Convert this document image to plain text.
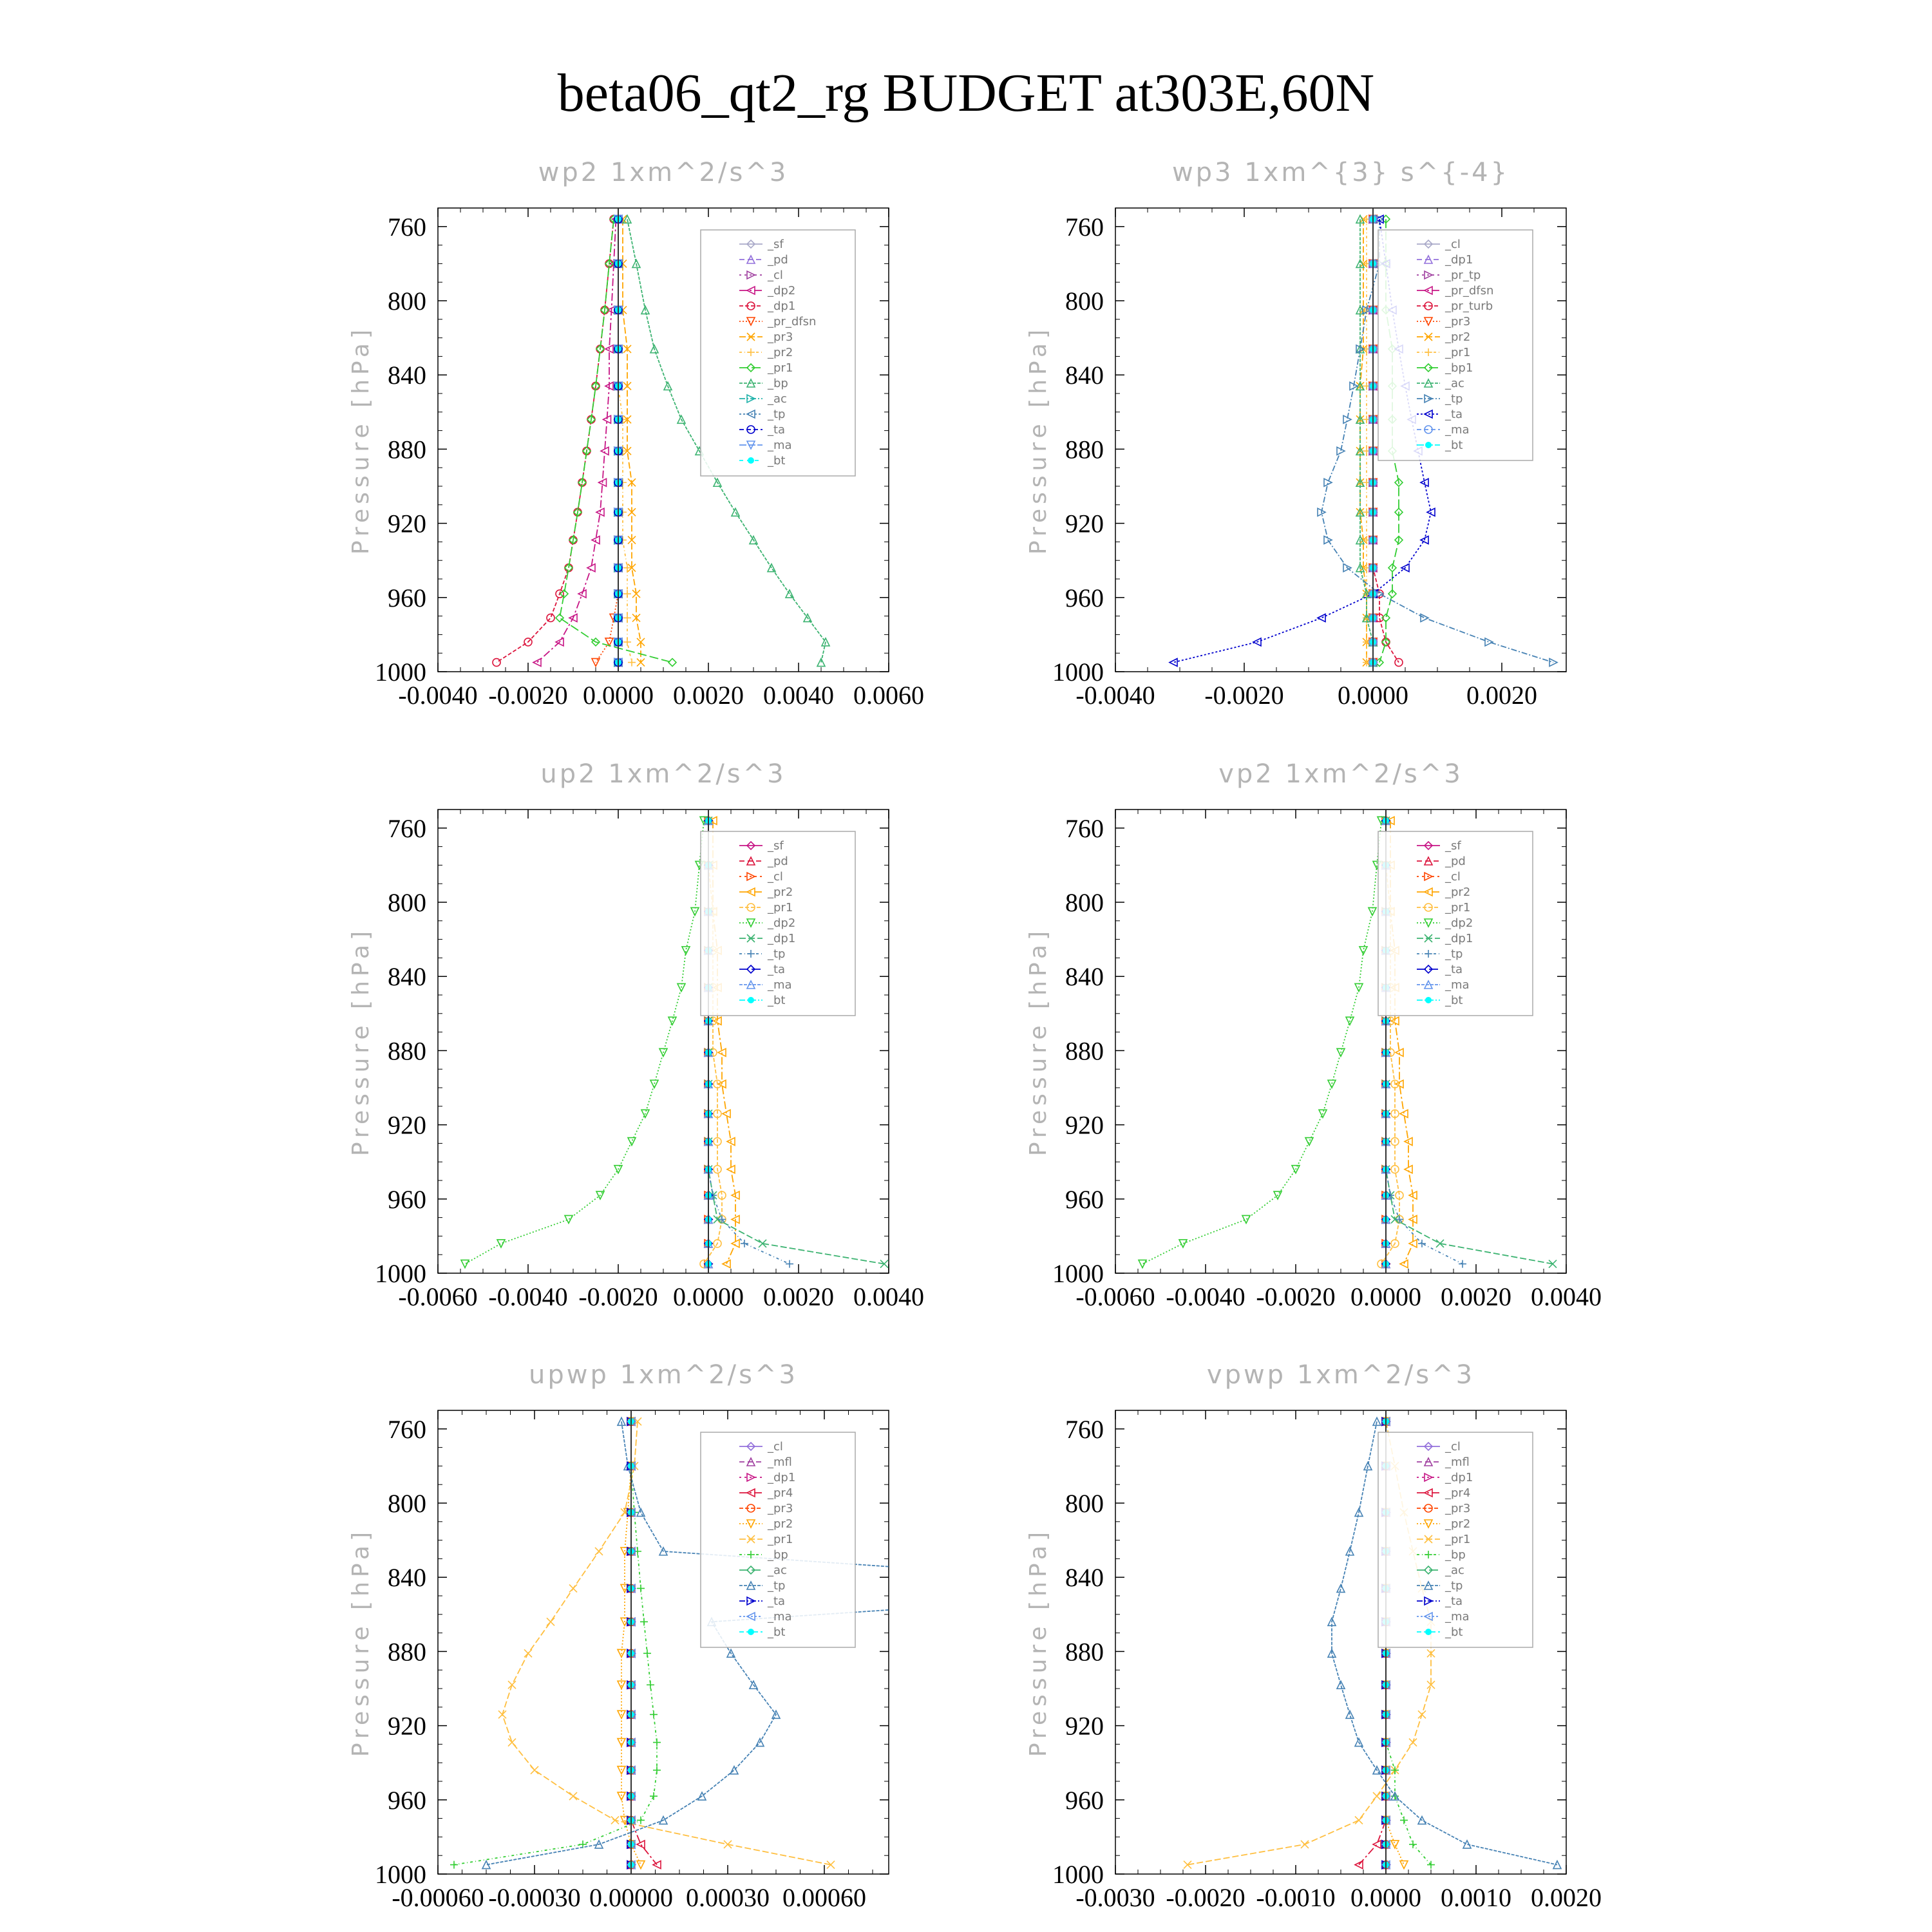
beta06_qt2_rg BUDGET at303E,60N
wp2 1xm^2/s^3
Pressure [hPa]
760
800
840
880
920
960
1000
-0.0040 -0.0020 0.0000 0.0020 0.0040 0.0060
_sf
_pd
_cl
_dp2
_dp1
_pr_dfsn
_pr3
_pr2
_pr1
_bp
_ac
_tp
_ta
_ma
_bt
wp3 1xm^{3} s^{-4}
Pressure [hPa]
760
800
840
880
920
960
1000
-0.0040 -0.0020 0.0000 0.0020
_cl
_dp1
_pr_tp
_pr_dfsn
_pr_turb
_pr3
_pr2
_pr1
_bp1
_ac
_tp
_ta
_ma
_bt
up2 1xm^2/s^3
Pressure [hPa]
760
800
840
880
920
960
1000
-0.0060 -0.0040 -0.0020 0.0000 0.0020 0.0040
_sf
_pd
_cl
_pr2
_pr1
_dp2
_dp1
_tp
_ta
_ma
_bt
vp2 1xm^2/s^3
Pressure [hPa]
760
800
840
880
920
960
1000
-0.0060 -0.0040 -0.0020 0.0000 0.0020 0.0040
_sf
_pd
_cl
_pr2
_pr1
_dp2
_dp1
_tp
_ta
_ma
_bt
upwp 1xm^2/s^3
Pressure [hPa]
760
800
840
880
920
960
1000
-0.00060 -0.00030 0.00000 0.00030 0.00060
_cl
_mfl
_dp1
_pr4
_pr3
_pr2
_pr1
_bp
_ac
_tp
_ta
_ma
_bt
vpwp 1xm^2/s^3
Pressure [hPa]
760
800
840
880
920
960
1000
-0.0030 -0.0020 -0.0010 0.0000 0.0010 0.0020
_cl
_mfl
_dp1
_pr4
_pr3
_pr2
_pr1
_bp
_ac
_tp
_ta
_ma
_bt
